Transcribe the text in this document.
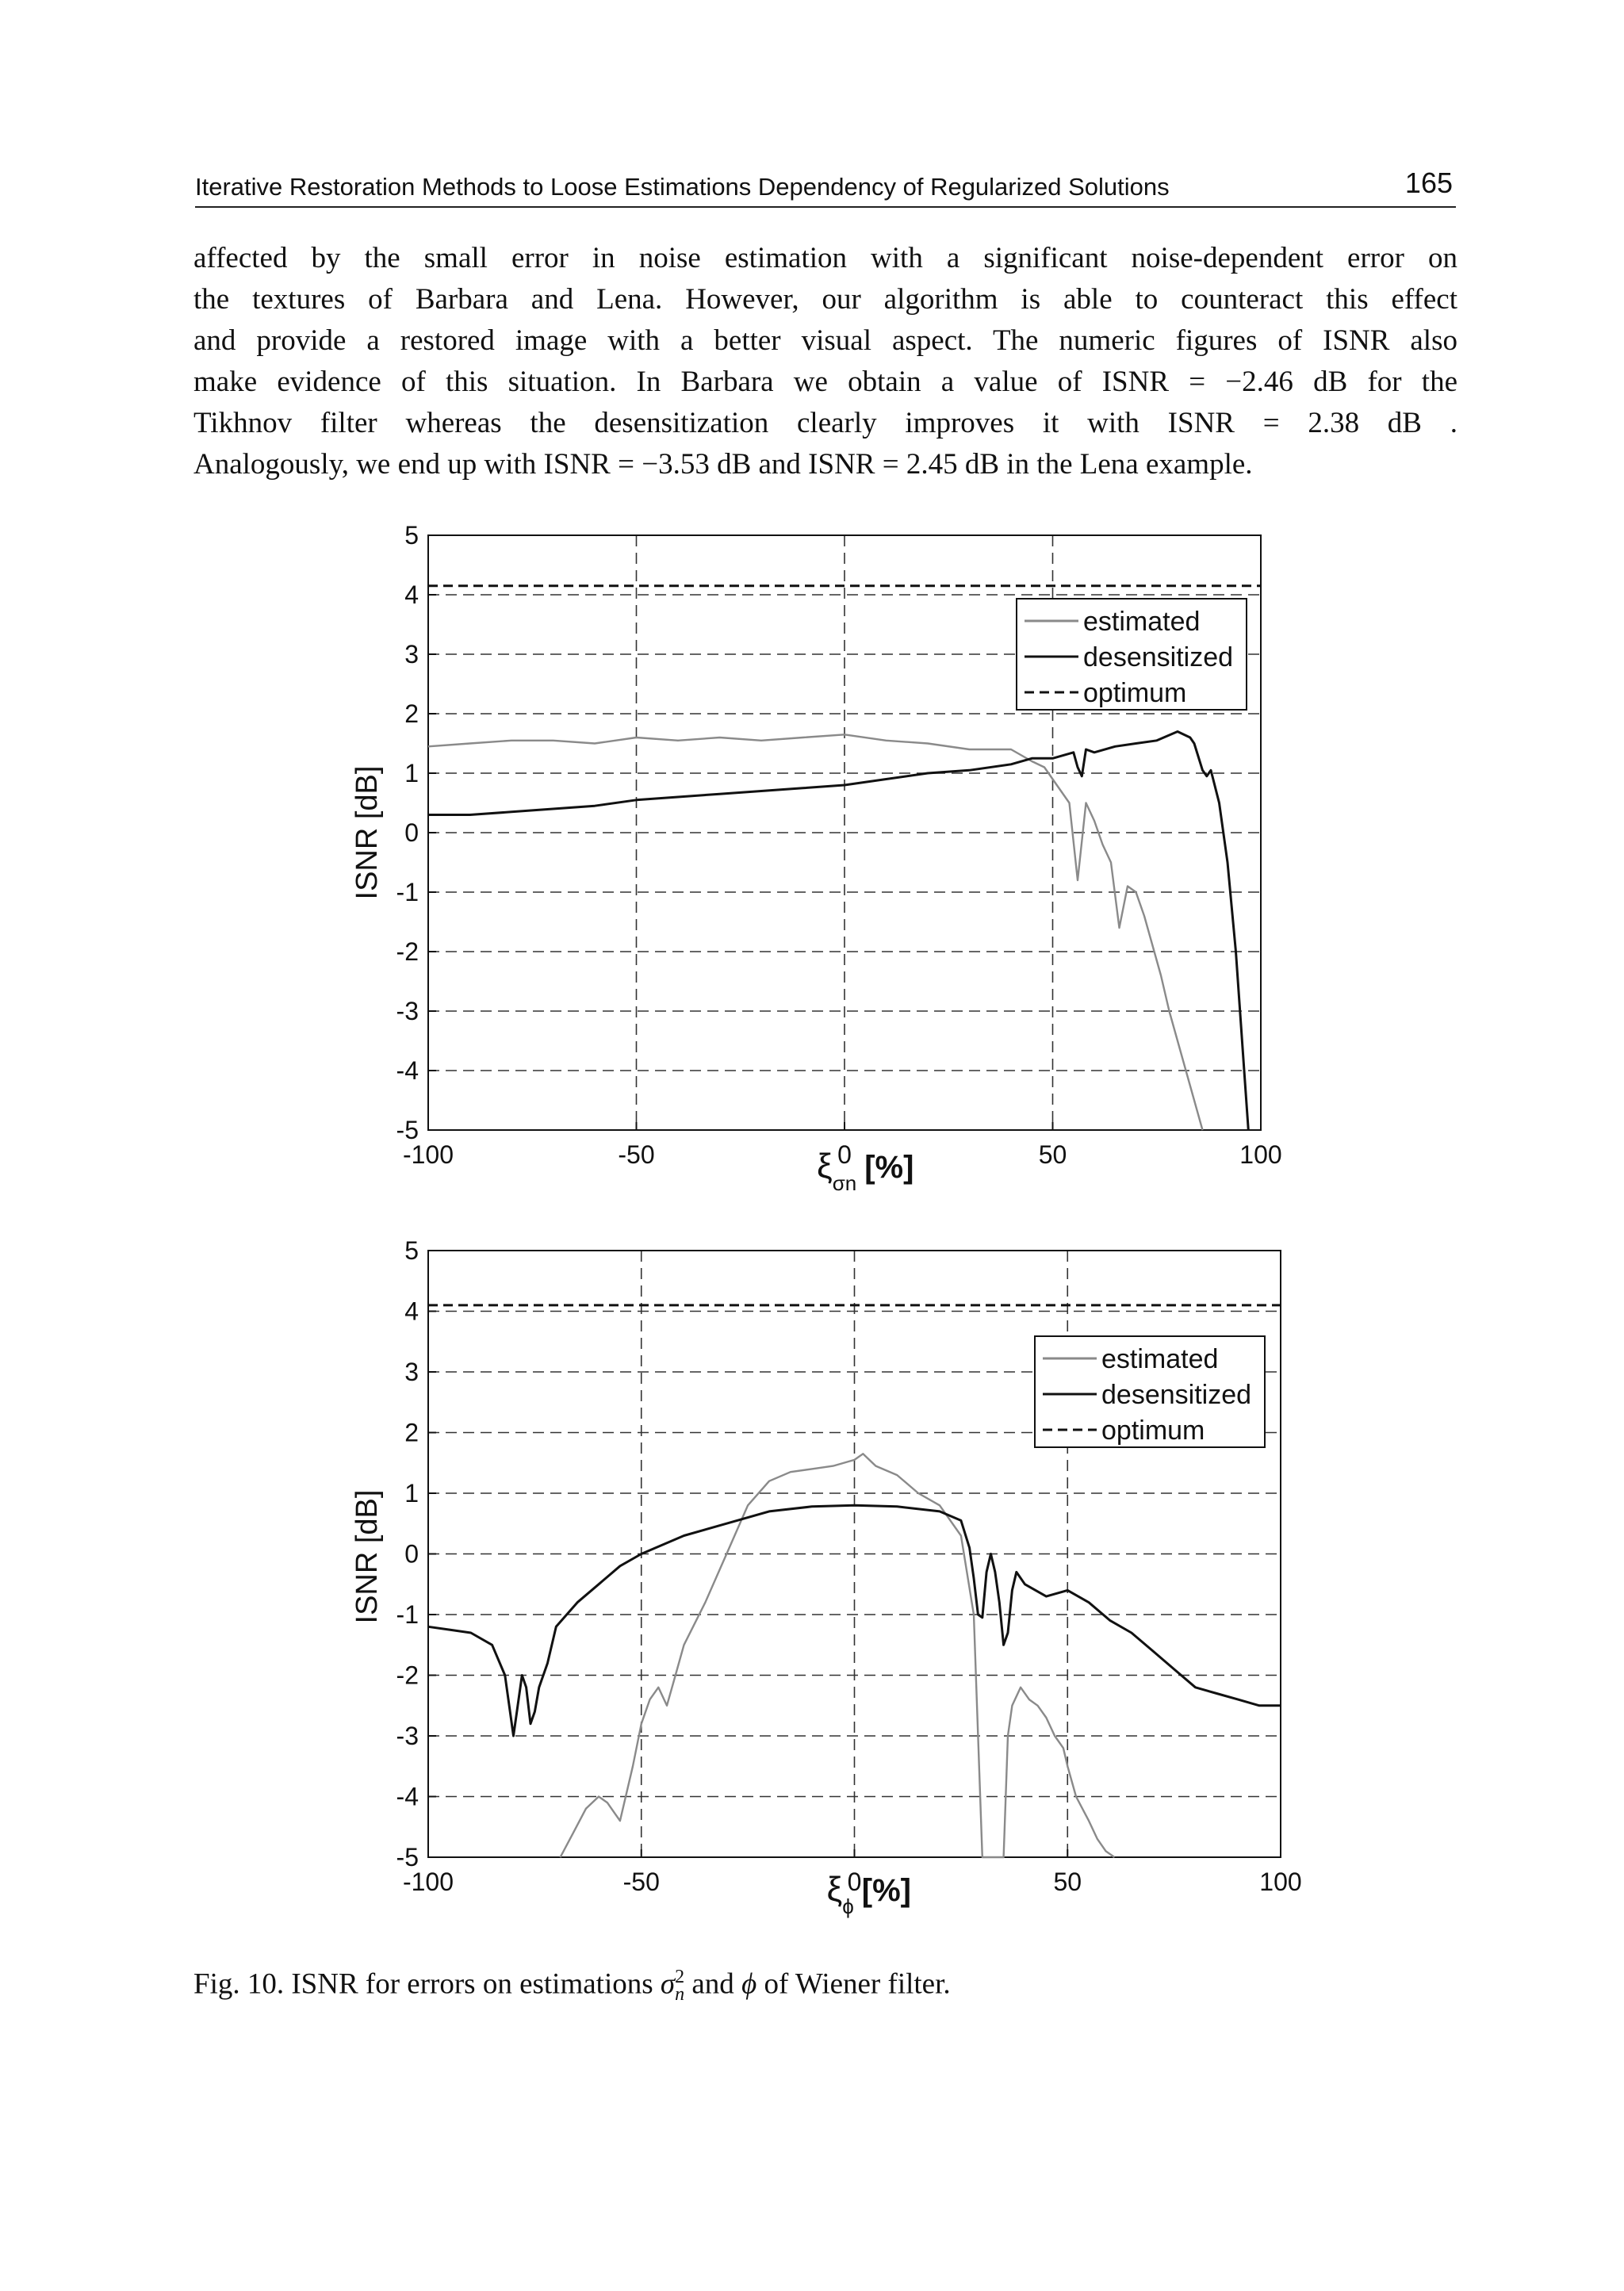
Iterative Restoration Methods to Loose Estimations Dependency of Regularized Solutions	165
affected by the small error in noise estimation with a significant noise-dependent error on
the textures of Barbara and Lena. However, our algorithm is able to counteract this effect
and provide a restored image with a better visual aspect. The numeric figures of ISNR also
make evidence of this situation. In Barbara we obtain a value of ISNR = −2.46 dB for the
Tikhnov filter whereas the desensitization clearly improves it with ISNR = 2.38 dB .
Analogously, we end up with ISNR = −3.53 dB and ISNR = 2.45 dB in the Lena example.
-100	-50	0	50	100
5
4
3
2
1
0
-1
-2
-3
-4
-5
ISNR [dB]
$\xi_{\sigma n}$ [%]
estimated
desensitized
optimum
-100	-50	0	50	100
5
4
3
2
1
0
-1
-2
-3
-4
-5
ISNR [dB]
$\xi_\phi$ [%]
estimated
desensitized
optimum

Fig. 10. ISNR for errors on estimations $\sigma^2_n$ and ϕ of Wiener filter.
